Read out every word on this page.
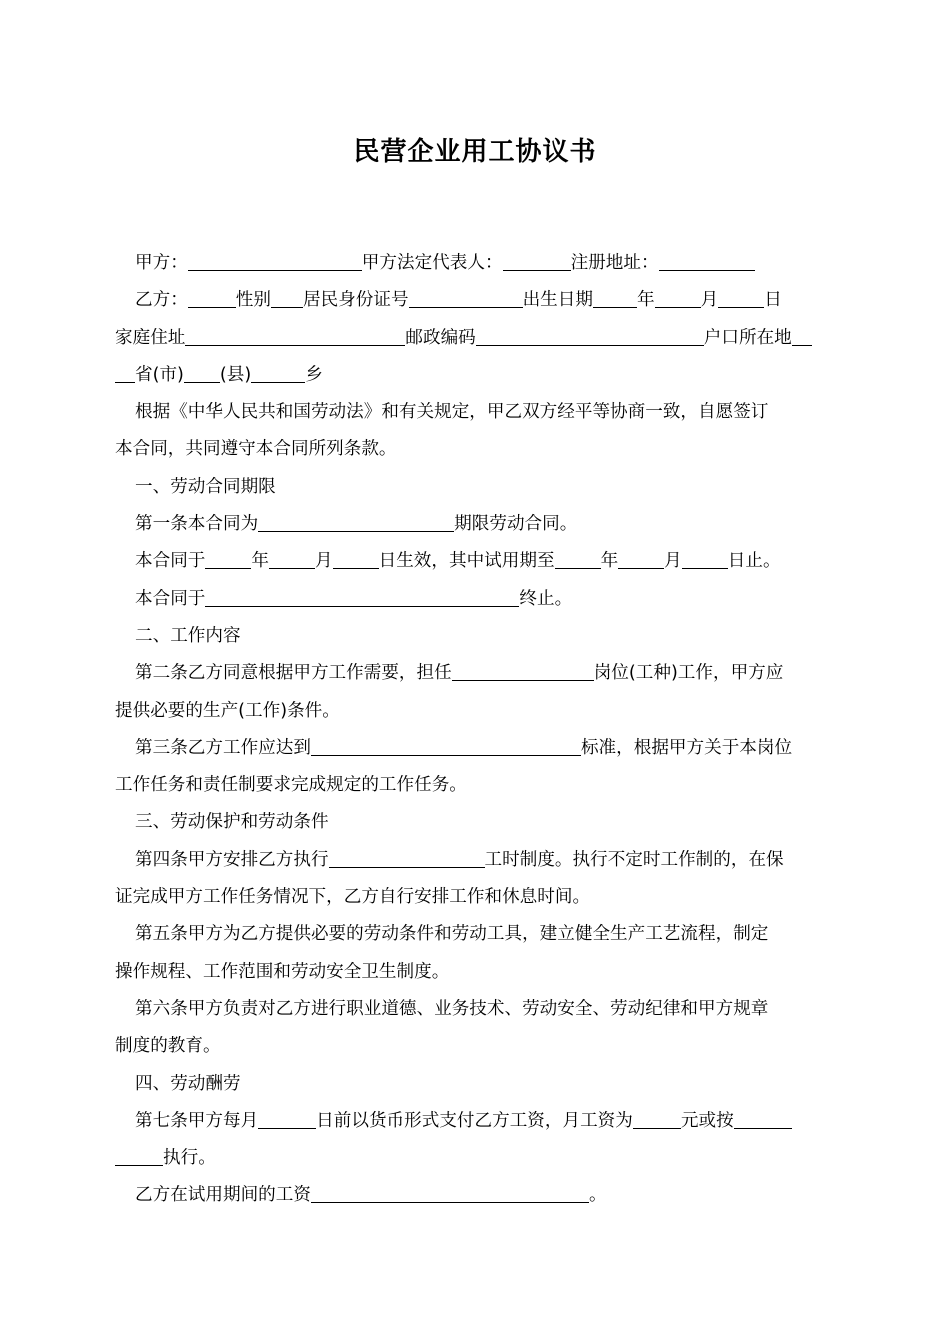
民营企业用工协议书
甲方：	甲方法定代表人：	注册地址：
乙方：	性别 居民身份证号	出生日期	年	月	日
家庭住址	邮政编码	户口所在地
省(市) (县)	乡
根据《中华人民共和国劳动法》和有关规定，甲乙双方经平等协商一致，自愿签订
本合同，共同遵守本合同所列条款。
一、劳动合同期限
第一条本合同为	期限劳动合同。
本合同于	年	月	日生效，其中试用期至	年	月	日止。
本合同于	终止。
二、工作内容
第二条乙方同意根据甲方工作需要，担任	岗位(工种)工作，甲方应
提供必要的生产(工作)条件。
第三条乙方工作应达到	标准，根据甲方关于本岗位
工作任务和责任制要求完成规定的工作任务。
三、劳动保护和劳动条件
第四条甲方安排乙方执行	工时制度。执行不定时工作制的，在保
证完成甲方工作任务情况下，乙方自行安排工作和休息时间。
第五条甲方为乙方提供必要的劳动条件和劳动工具，建立健全生产工艺流程，制定
操作规程、工作范围和劳动安全卫生制度。
第六条甲方负责对乙方进行职业道德、业务技术、劳动安全、劳动纪律和甲方规章
制度的教育。
四、劳动酬劳
第七条甲方每月	日前以货币形式支付乙方工资，月工资为	元或按
执行。
乙方在试用期间的工资	。
